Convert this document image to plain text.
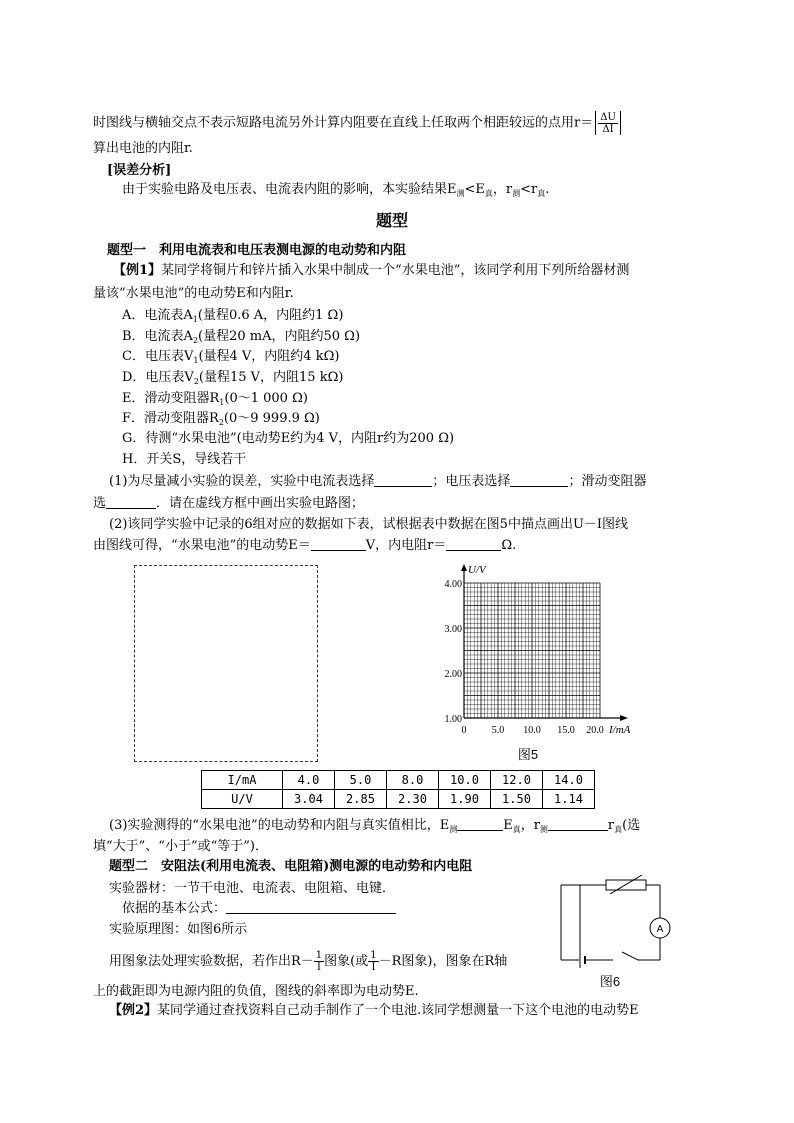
时图线与横轴交点不表示短路电流另外计算内阻要在直线上任取两个相距较远的点用$r= \frac{\Delta U}{\Delta I}$
算出电池的内阻r.
[误差分析]
由于实验电路及电压表、电流表内阻的影响，本实验结果$E_测<E_真$，$r_测<r_真$.
题型
题型一　利用电流表和电压表测电源的电动势和内阻
【例1】某同学将铜片和锌片插入水果中制成一个“水果电池”，该同学利用下列所给器材测
量该“水果电池”的电动势E和内阻r.
A．电流表$A_1$(量程0.6 A，内阻约1 Ω)
B．电流表$A_2$(量程20 mA，内阻约50 Ω)
C．电压表$V_1$(量程4 V，内阻约4 kΩ)
D．电压表$V_2$(量程15 V，内阻15 kΩ)
E．滑动变阻器$R_1(0\sim 1$ 000 Ω)
F．滑动变阻器$R_2(0\sim 9$ 999.9 Ω)
G．待测“水果电池”(电动势E约为4 V，内阻r约为200 Ω)
H．开关S，导线若干
(1)为尽量减小实验的误差，实验中电流表选择	；电压表选择	；滑动变阻器
选	．请在虚线方框中画出实验电路图；
(2)该同学实验中记录的6组对应的数据如下表，试根据表中数据在图5中描点画出U－I图线
由图线可得，“水果电池”的电动势E＝	V，内电阻r＝	Ω.
U/V
I/mA
1.00
2.00
3.00
4.00
0	5.0 10.0 15.0 20.0
图5
I/mA	4.0	5.0	8.0	10.0	12.0	14.0
U/V	3.04	2.85	2.30	1.90	1.50	1.14
(3)实验测得的“水果电池”的电动势和内阻与真实值相比，$E_测$	$E_真$，$r_测$	$r_真$(选
填“大于”、“小于”或“等于”)．
题型二　安阻法(利用电流表、电阻箱)测电源的电动势和内电阻
实验器材：一节干电池、电流表、电阻箱、电键．
依据的基本公式：
实验原理图：如图6所示
用图象法处理实验数据，若作出$R- \frac{1}{I}$ 图象(或 $\frac{1}{I} -R$图象)，图象在R轴
上的截距即为电源内阻的负值，图线的斜率即为电动势E.
A
图6
【例2】某同学通过查找资料自己动手制作了一个电池.该同学想测量一下这个电池的电动势E
